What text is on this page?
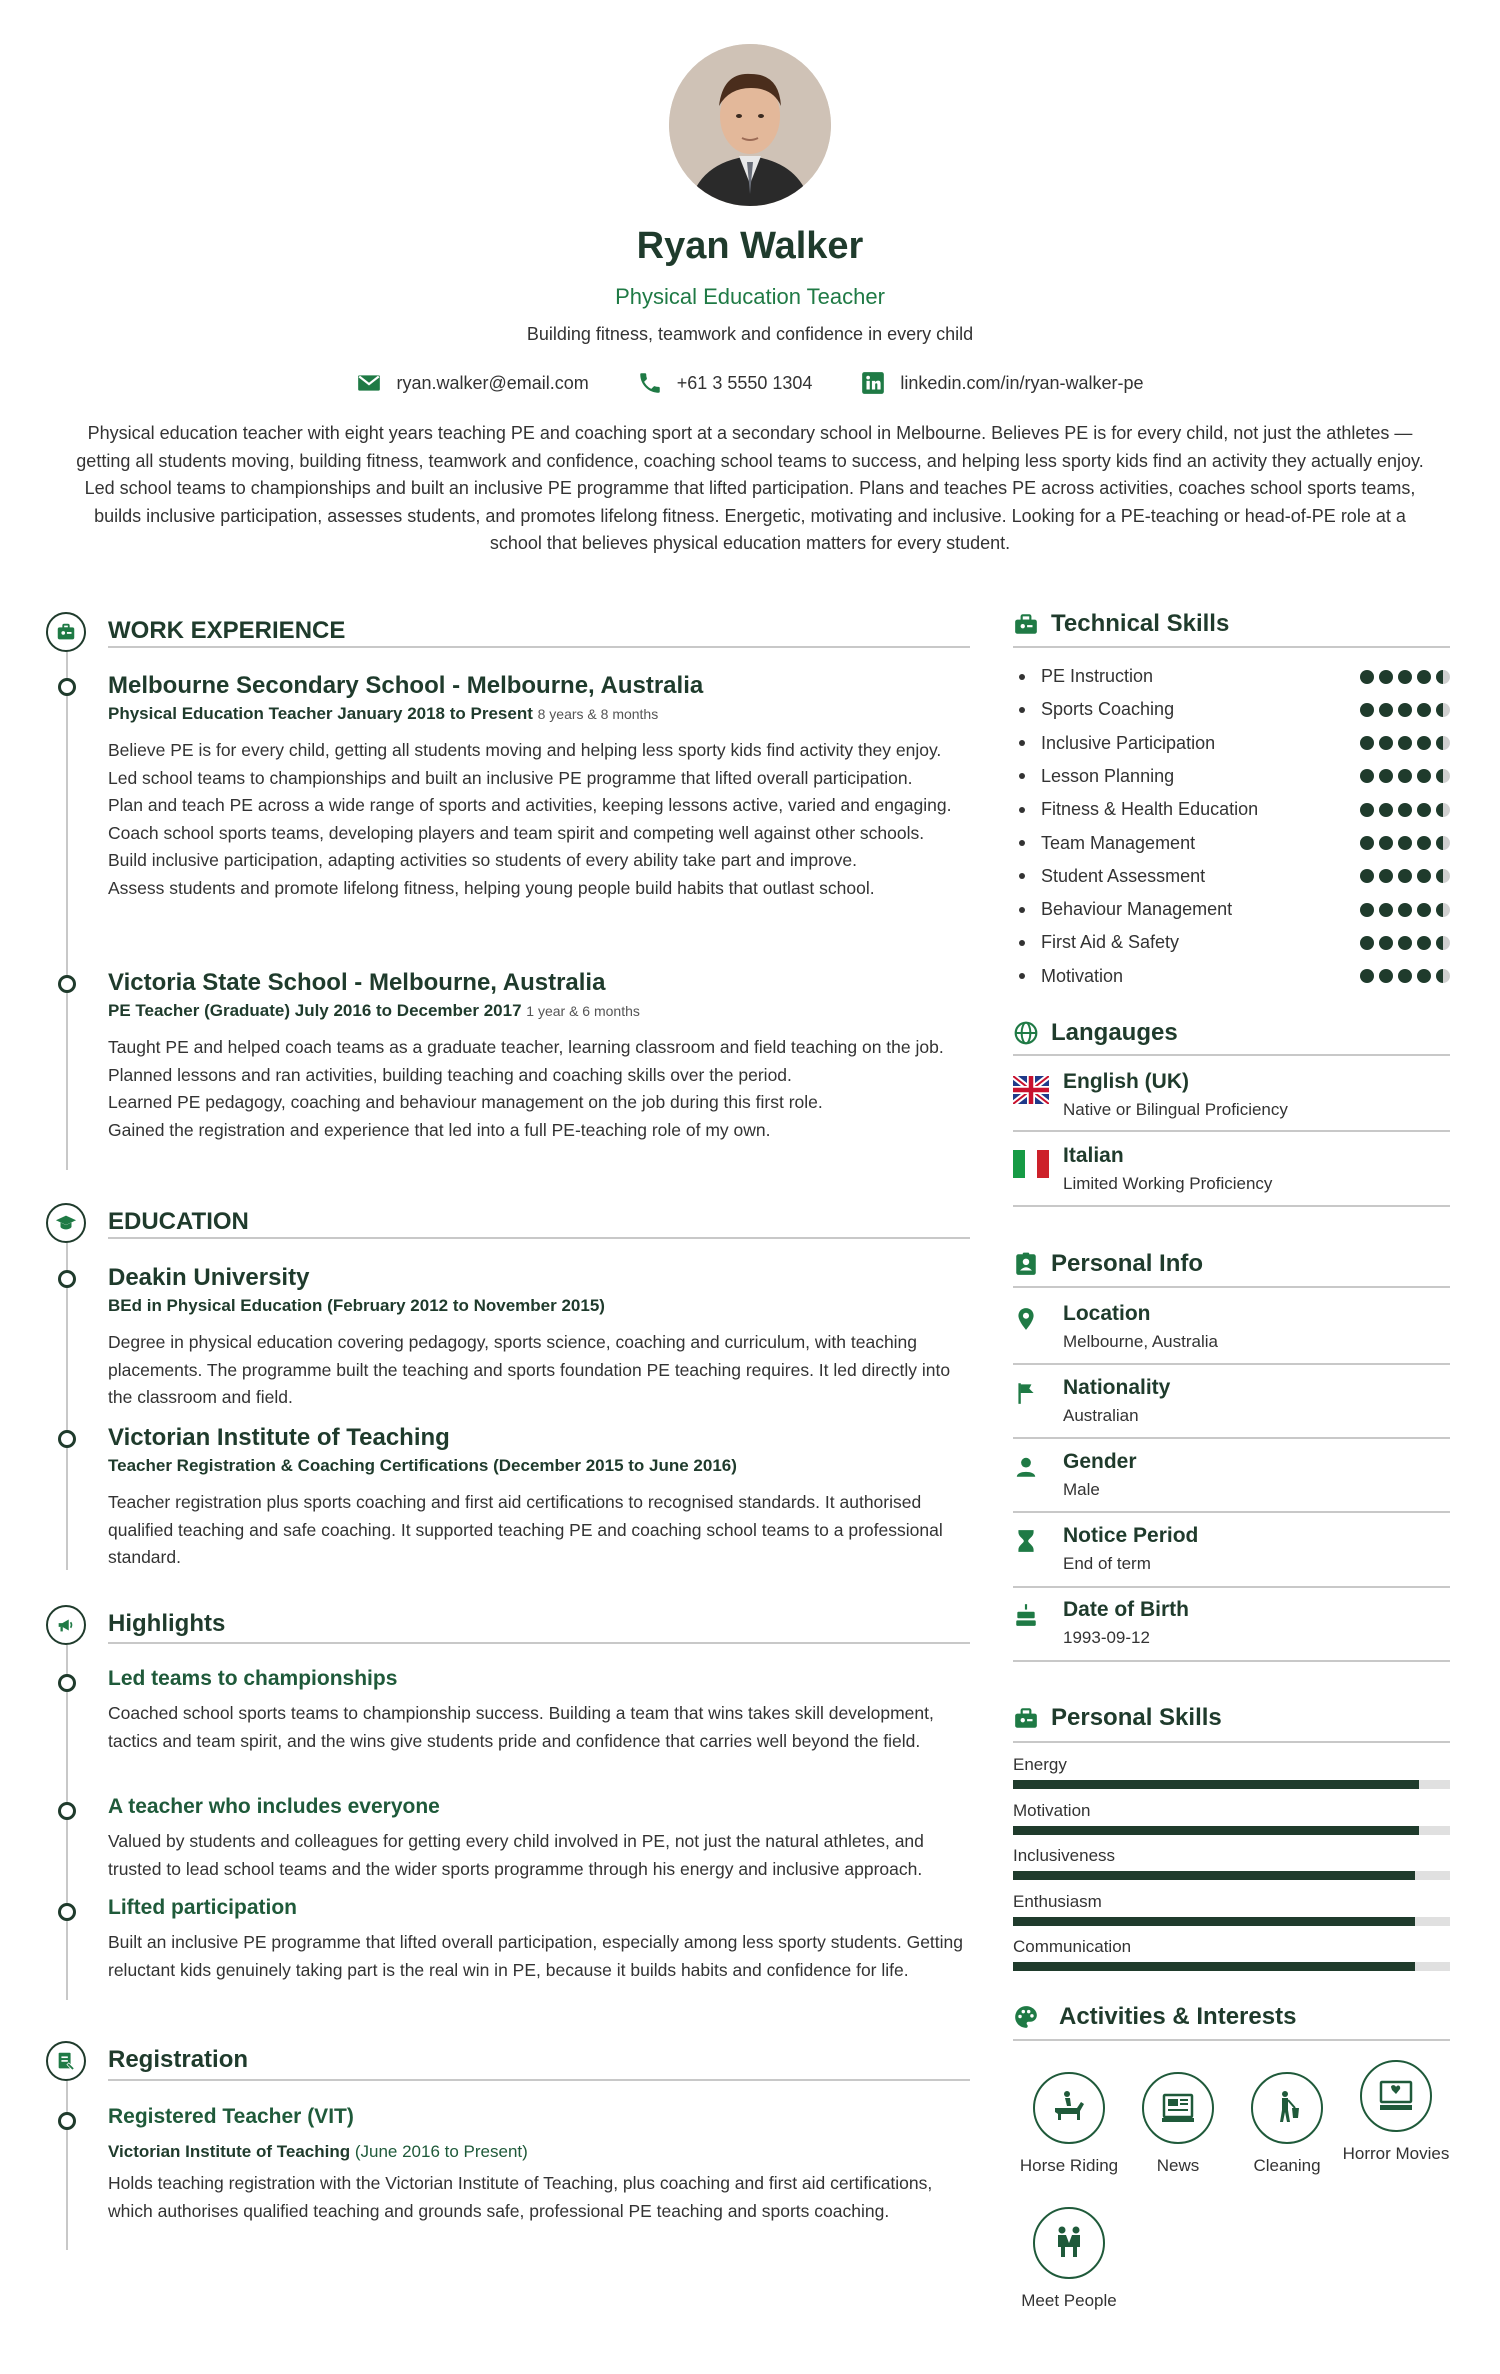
Ryan Walker
Physical Education Teacher
Building fitness, teamwork and confidence in every child
ryan.walker@email.com	+61 3 5550 1304	linkedin.com/in/ryan-walker-pe
Physical education teacher with eight years teaching PE and coaching sport at a secondary school in Melbourne. Believes PE is for every child, not just the athletes — getting all students moving, building fitness, teamwork and confidence, coaching school teams to success, and helping less sporty kids find an activity they actually enjoy. Led school teams to championships and built an inclusive PE programme that lifted participation. Plans and teaches PE across activities, coaches school sports teams, builds inclusive participation, assesses students, and promotes lifelong fitness. Energetic, motivating and inclusive. Looking for a PE-teaching or head-of-PE role at a school that believes physical education matters for every student.
WORK EXPERIENCE
Melbourne Secondary School - Melbourne, Australia
Physical Education Teacher January 2018 to Present 8 years & 8 months
Believe PE is for every child, getting all students moving and helping less sporty kids find activity they enjoy.
Led school teams to championships and built an inclusive PE programme that lifted overall participation.
Plan and teach PE across a wide range of sports and activities, keeping lessons active, varied and engaging.
Coach school sports teams, developing players and team spirit and competing well against other schools.
Build inclusive participation, adapting activities so students of every ability take part and improve.
Assess students and promote lifelong fitness, helping young people build habits that outlast school.
Victoria State School - Melbourne, Australia
PE Teacher (Graduate) July 2016 to December 2017 1 year & 6 months
Taught PE and helped coach teams as a graduate teacher, learning classroom and field teaching on the job.
Planned lessons and ran activities, building teaching and coaching skills over the period.
Learned PE pedagogy, coaching and behaviour management on the job during this first role.
Gained the registration and experience that led into a full PE-teaching role of my own.
EDUCATION
Deakin University
BEd in Physical Education (February 2012 to November 2015)
Degree in physical education covering pedagogy, sports science, coaching and curriculum, with teaching placements. The programme built the teaching and sports foundation PE teaching requires. It led directly into the classroom and field.
Victorian Institute of Teaching
Teacher Registration & Coaching Certifications (December 2015 to June 2016)
Teacher registration plus sports coaching and first aid certifications to recognised standards. It authorised qualified teaching and safe coaching. It supported teaching PE and coaching school teams to a professional standard.
Highlights
Led teams to championships
Coached school sports teams to championship success. Building a team that wins takes skill development, tactics and team spirit, and the wins give students pride and confidence that carries well beyond the field.
A teacher who includes everyone
Valued by students and colleagues for getting every child involved in PE, not just the natural athletes, and trusted to lead school teams and the wider sports programme through his energy and inclusive approach.
Lifted participation
Built an inclusive PE programme that lifted overall participation, especially among less sporty students. Getting reluctant kids genuinely taking part is the real win in PE, because it builds habits and confidence for life.
Registration
Registered Teacher (VIT)
Victorian Institute of Teaching (June 2016 to Present)
Holds teaching registration with the Victorian Institute of Teaching, plus coaching and first aid certifications, which authorises qualified teaching and grounds safe, professional PE teaching and sports coaching.
Technical Skills
PE Instruction
Sports Coaching
Inclusive Participation
Lesson Planning
Fitness & Health Education
Team Management
Student Assessment
Behaviour Management
First Aid & Safety
Motivation
Langauges
English (UK)
Native or Bilingual Proficiency
Italian
Limited Working Proficiency
Personal Info
Location
Melbourne, Australia
Nationality
Australian
Gender
Male
Notice Period
End of term
Date of Birth
1993-09-12
Personal Skills
Energy
Motivation
Inclusiveness
Enthusiasm
Communication
Activities & Interests
Horse Riding	News	Cleaning
Horror Movies
Meet People
